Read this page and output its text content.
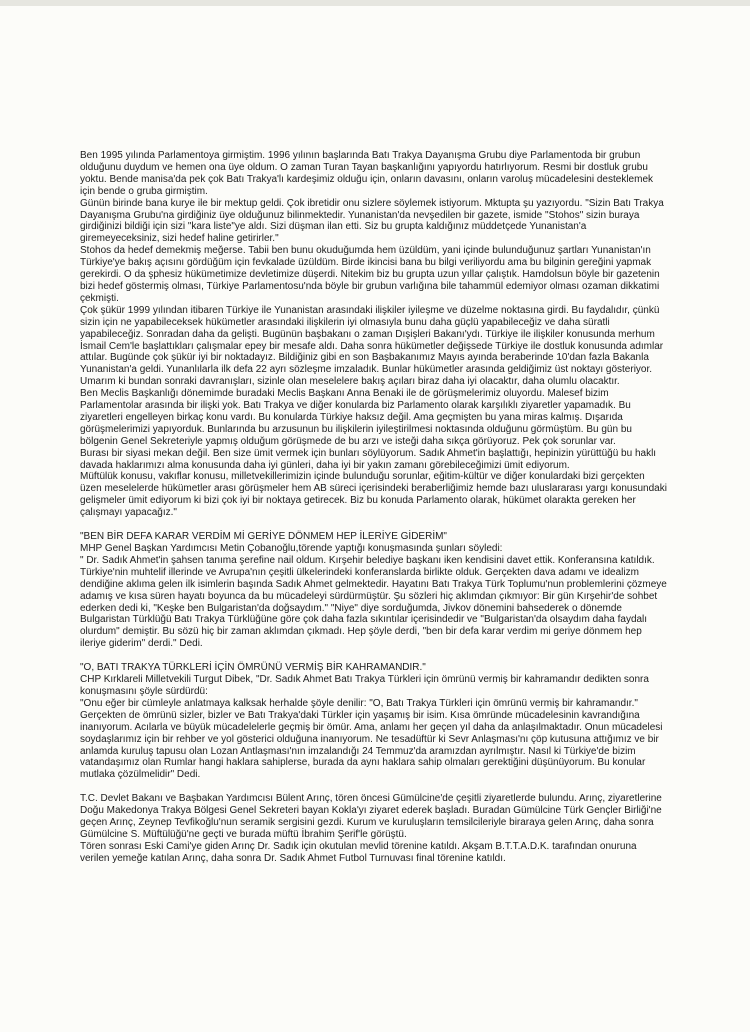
Ben 1995 yılında Parlamentoya girmiştim. 1996 yılının başlarında Batı Trakya Dayanışma Grubu diye Parlamentoda bir grubun olduğunu duydum ve hemen ona üye oldum. O zaman Turan Tayan başkanlığını yapıyordu hatırlıyorum. Resmi bir dostluk grubu yoktu. Bende manisa'da pek çok Batı Trakya'lı kardeşimiz olduğu için, onların davasını, onların varoluş mücadelesini desteklemek için bende o gruba girmiştim.

Günün birinde bana kurye ile bir mektup geldi. Çok ibretidir onu sizlere söylemek istiyorum. Mktupta şu yazıyordu. "Sizin Batı Trakya Dayanışma Grubu'na girdiğiniz üye olduğunuz bilinmektedir. Yunanistan'da nevşedilen bir gazete, ismide "Stohos" sizin buraya girdiğinizi bildiği için sizi "kara liste"ye aldı. Sizi düşman ilan etti. Siz bu grupta kaldığınız müddetçede Yunanistan'a giremeyeceksiniz, sizi hedef haline getirirler."

Stohos da hedef demekmiş meğerse. Tabii ben bunu okuduğumda hem üzüldüm, yani içinde bulunduğunuz şartları Yunanistan'ın Türkiye'ye bakış açısını gördüğüm için fevkalade üzüldüm. Birde ikincisi bana bu bilgi veriliyordu ama bu bilginin gereğini yapmak gerekirdi. O da şphesiz hükümetimize devletimize düşerdi. Nitekim biz bu grupta uzun yıllar çalıştık. Hamdolsun böyle bir gazetenin bizi hedef göstermiş olması, Türkiye Parlamentosu'nda böyle bir grubun varlığına bile tahammül edemiyor olması ozaman dikkatimi çekmişti.

Çok şükür 1999 yılından itibaren Türkiye ile Yunanistan arasındaki ilişkiler iyileşme ve düzelme noktasına girdi. Bu faydalıdır, çünkü sizin için ne yapabileceksek hükümetler arasındaki ilişkilerin iyi olmasıyla bunu daha güçlü yapabileceğiz ve daha süratli yapabileceğiz. Sonradan daha da gelişti. Bugünün başbakanı o zaman Dışişleri Bakanı'ydı. Türkiye ile ilişkiler konusunda merhum İsmail Cem'le başlattıkları çalışmalar epey bir mesafe aldı. Daha sonra hükümetler değişsede Türkiye ile dostluk konusunda adımlar attılar. Bugünde çok şükür iyi bir noktadayız. Bildiğiniz gibi en son Başbakanımız Mayıs ayında beraberinde 10'dan fazla Bakanla Yunanistan'a geldi. Yunanlılarla ilk defa 22 ayrı sözleşme imzaladık. Bunlar hükümetler arasında geldiğimiz üst noktayı gösteriyor. Umarım ki bundan sonraki davranışları, sizinle olan meselelere bakış açıları biraz daha iyi olacaktır, daha olumlu olacaktır.

Ben Meclis Başkanlığı dönemimde buradaki Meclis Başkanı Anna Benaki ile de görüşmelerimiz oluyordu. Malesef bizim Parlamentolar arasında bir ilişki yok. Batı Trakya ve diğer konularda biz Parlamento olarak karşılıklı ziyaretler yapamadık. Bu ziyaretleri engelleyen birkaç konu vardı. Bu konularda Türkiye haksız değil. Ama geçmişten bu yana miras kalmış. Dışarıda görüşmelerimizi yapıyorduk. Bunlarında bu arzusunun bu ilişkilerin iyileştirilmesi noktasında olduğunu görmüştüm. Bu gün bu bölgenin Genel Sekreteriyle yapmış olduğum görüşmede de bu arzı ve isteği daha sıkça görüyoruz. Pek çok sorunlar var.

Burası bir siyasi mekan değil. Ben size ümit vermek için bunları söylüyorum. Sadık Ahmet'in başlattığı, hepinizin yürüttüğü bu haklı davada haklarımızı alma konusunda daha iyi günleri, daha iyi bir yakın zamanı görebileceğimizi ümit ediyorum.

Müftülük konusu, vakıflar konusu, milletvekillerimizin içinde bulunduğu sorunlar, eğitim-kültür ve diğer konulardaki bizi gerçekten üzen meselelerde hükümetler arası görüşmeler hem AB süreci içerisindeki beraberliğimiz hemde bazı uluslararası yargı konusundaki gelişmeler ümit ediyorum ki bizi çok iyi bir noktaya getirecek. Biz bu konuda Parlamento olarak, hükümet olarakta gereken her çalışmayı yapacağız."

"BEN BİR DEFA KARAR VERDİM Mİ GERİYE DÖNMEM HEP İLERİYE GİDERİM"

MHP Genel Başkan Yardımcısı Metin Çobanoğlu,törende yaptığı konuşmasında şunları söyledi:

" Dr. Sadık Ahmet'in şahsen tanıma şerefine nail oldum. Kırşehir belediye başkanı iken kendisini davet ettik. Konferansına katıldık. Türkiye'nin muhtelif illerinde ve Avrupa'nın çeşitli ülkelerindeki konferanslarda birlikte olduk. Gerçekten dava adamı ve idealizm dendiğine aklıma gelen ilk isimlerin başında Sadık Ahmet gelmektedir. Hayatını Batı Trakya Türk Toplumu'nun problemlerini çözmeye adamış ve kısa süren hayatı boyunca da bu mücadeleyi sürdürmüştür. Şu sözleri hiç aklımdan çıkmıyor: Bir gün Kırşehir'de sohbet ederken dedi ki, "Keşke ben Bulgaristan'da doğsaydım." "Niye" diye sorduğumda, Jivkov dönemini bahsederek o dönemde Bulgaristan Türklüğü Batı Trakya Türklüğüne göre çok daha fazla sıkıntılar içerisindedir ve "Bulgaristan'da olsaydım daha faydalı olurdum" demiştir. Bu sözü hiç bir zaman aklımdan çıkmadı. Hep şöyle derdi, "ben bir defa karar verdim mi geriye dönmem hep ileriye giderim" derdi." Dedi.

"O, BATI TRAKYA TÜRKLERİ İÇİN ÖMRÜNÜ VERMİŞ BİR KAHRAMANDIR."

CHP Kırklareli Milletvekili Turgut Dibek, "Dr. Sadık Ahmet Batı Trakya Türkleri için ömrünü vermiş bir kahramandır dedikten sonra konuşmasını şöyle sürdürdü:

"Onu eğer bir cümleyle anlatmaya kalksak herhalde şöyle denilir: "O, Batı Trakya Türkleri için ömrünü vermiş bir kahramandır." Gerçekten de ömrünü sizler, bizler ve Batı Trakya'daki Türkler için yaşamış bir isim. Kısa ömründe mücadelesinin kavrandığına inanıyorum. Acılarla ve büyük mücadelelerle geçmiş bir ömür. Ama, anlamı her geçen yıl daha da anlaşılmaktadır. Onun mücadelesi soydaşlarımız için bir rehber ve yol gösterici olduğuna inanıyorum. Ne tesadüftür ki Sevr Anlaşması'nı çöp kutusuna attığımız ve bir anlamda kuruluş tapusu olan Lozan Antlaşması'nın imzalandığı 24 Temmuz'da aramızdan ayrılmıştır. Nasıl ki Türkiye'de bizim vatandaşımız olan Rumlar hangi haklara sahiplerse, burada da aynı haklara sahip olmaları gerektiğini düşünüyorum. Bu konular mutlaka çözülmelidir" Dedi.

T.C. Devlet Bakanı ve Başbakan Yardımcısı Bülent Arınç, tören öncesi Gümülcine'de çeşitli ziyaretlerde bulundu. Arınç, ziyaretlerine Doğu Makedonya Trakya Bölgesi Genel Sekreteri bayan Kokla'yı ziyaret ederek başladı. Buradan Gümülcine Türk Gençler Birliği'ne geçen Arınç, Zeynep Tevfikoğlu'nun seramik sergisini gezdi. Kurum ve kuruluşların temsilcileriyle biraraya gelen Arınç, daha sonra Gümülcine S. Müftülüğü'ne geçti ve burada müftü İbrahim Şerif'le görüştü.

Tören sonrası Eski Cami'ye giden Arınç Dr. Sadık için okutulan mevlid törenine katıldı. Akşam B.T.T.A.D.K. tarafından onuruna verilen yemeğe katılan Arınç, daha sonra Dr. Sadık Ahmet Futbol Turnuvası final törenine katıldı.
